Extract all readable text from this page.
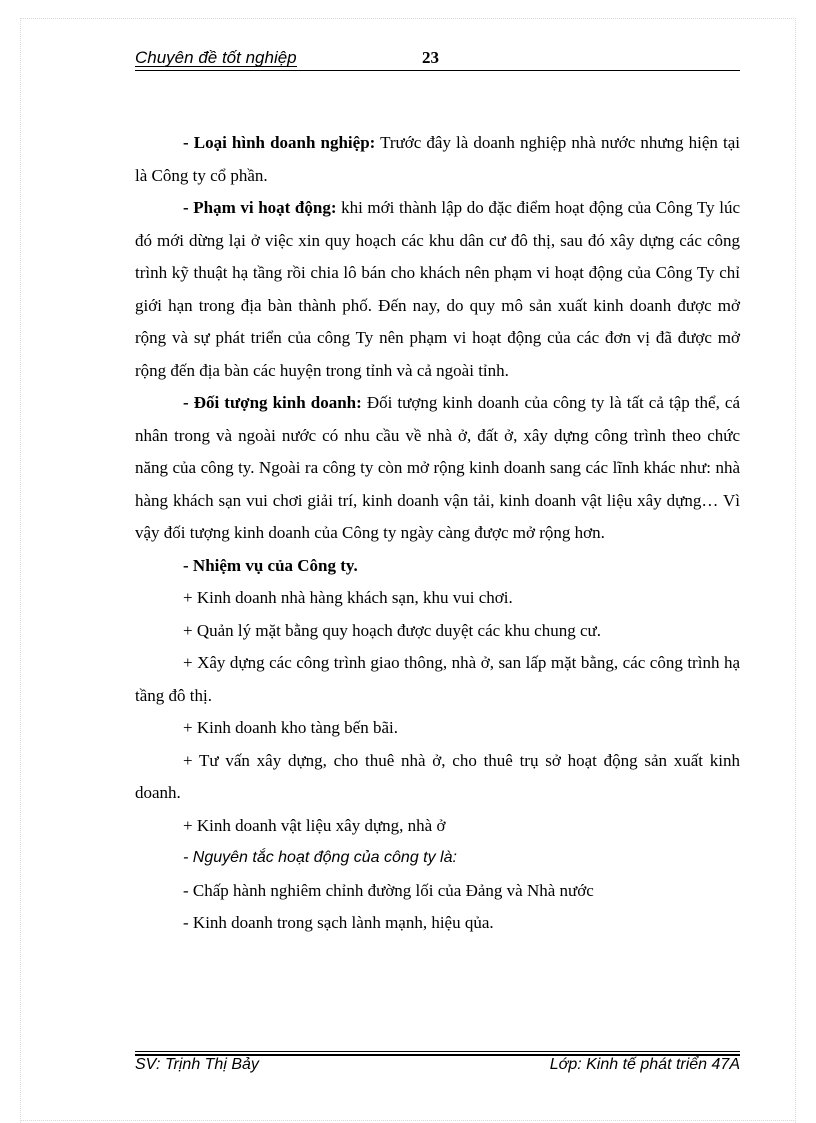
Chuyên đề tốt nghiệp	23

- Loại hình doanh nghiệp: Trước đây là doanh nghiệp nhà nước nhưng hiện tại là Công ty cổ phần.

- Phạm vi hoạt động: khi mới thành lập do đặc điểm hoạt động của Công Ty lúc đó mới dừng lại ở việc xin quy hoạch các khu dân cư đô thị, sau đó xây dựng các công trình kỹ thuật hạ tầng rồi chia lô bán cho khách nên phạm vi hoạt động của Công Ty chỉ giới hạn trong địa bàn thành phố. Đến nay, do quy mô sản xuất kinh doanh được mở rộng và sự phát triển của công Ty nên phạm vi hoạt động của các đơn vị đã được mở rộng đến địa bàn các huyện trong tỉnh và cả ngoài tỉnh.

- Đối tượng kinh doanh: Đối tượng kinh doanh của công ty là tất cả tập thể, cá nhân trong và ngoài nước có nhu cầu về nhà ở, đất ở, xây dựng công trình theo chức năng của công ty. Ngoài ra công ty còn mở rộng kinh doanh sang các lĩnh khác như: nhà hàng khách sạn vui chơi giải trí, kinh doanh vận tải, kinh doanh vật liệu xây dựng… Vì vậy đối tượng kinh doanh của Công ty ngày càng được mở rộng hơn.

- Nhiệm vụ của Công ty.

+ Kinh doanh nhà hàng khách sạn, khu vui chơi.

+ Quản lý mặt bằng quy hoạch được duyệt các khu chung cư.

+ Xây dựng các công trình giao thông, nhà ở, san lấp mặt bằng, các công trình hạ tầng đô thị.

+ Kinh doanh kho tàng bến bãi.

+ Tư vấn xây dựng, cho thuê nhà ở, cho thuê trụ sở hoạt động sản xuất kinh doanh.

+ Kinh doanh vật liệu xây dựng, nhà ở

- Nguyên tắc hoạt động của công ty là:

- Chấp hành nghiêm chỉnh đường lối của Đảng và Nhà nước

- Kinh doanh trong sạch lành mạnh, hiệu qủa.

SV: Trịnh Thị Bảy	Lớp: Kinh tế phát triển 47A
